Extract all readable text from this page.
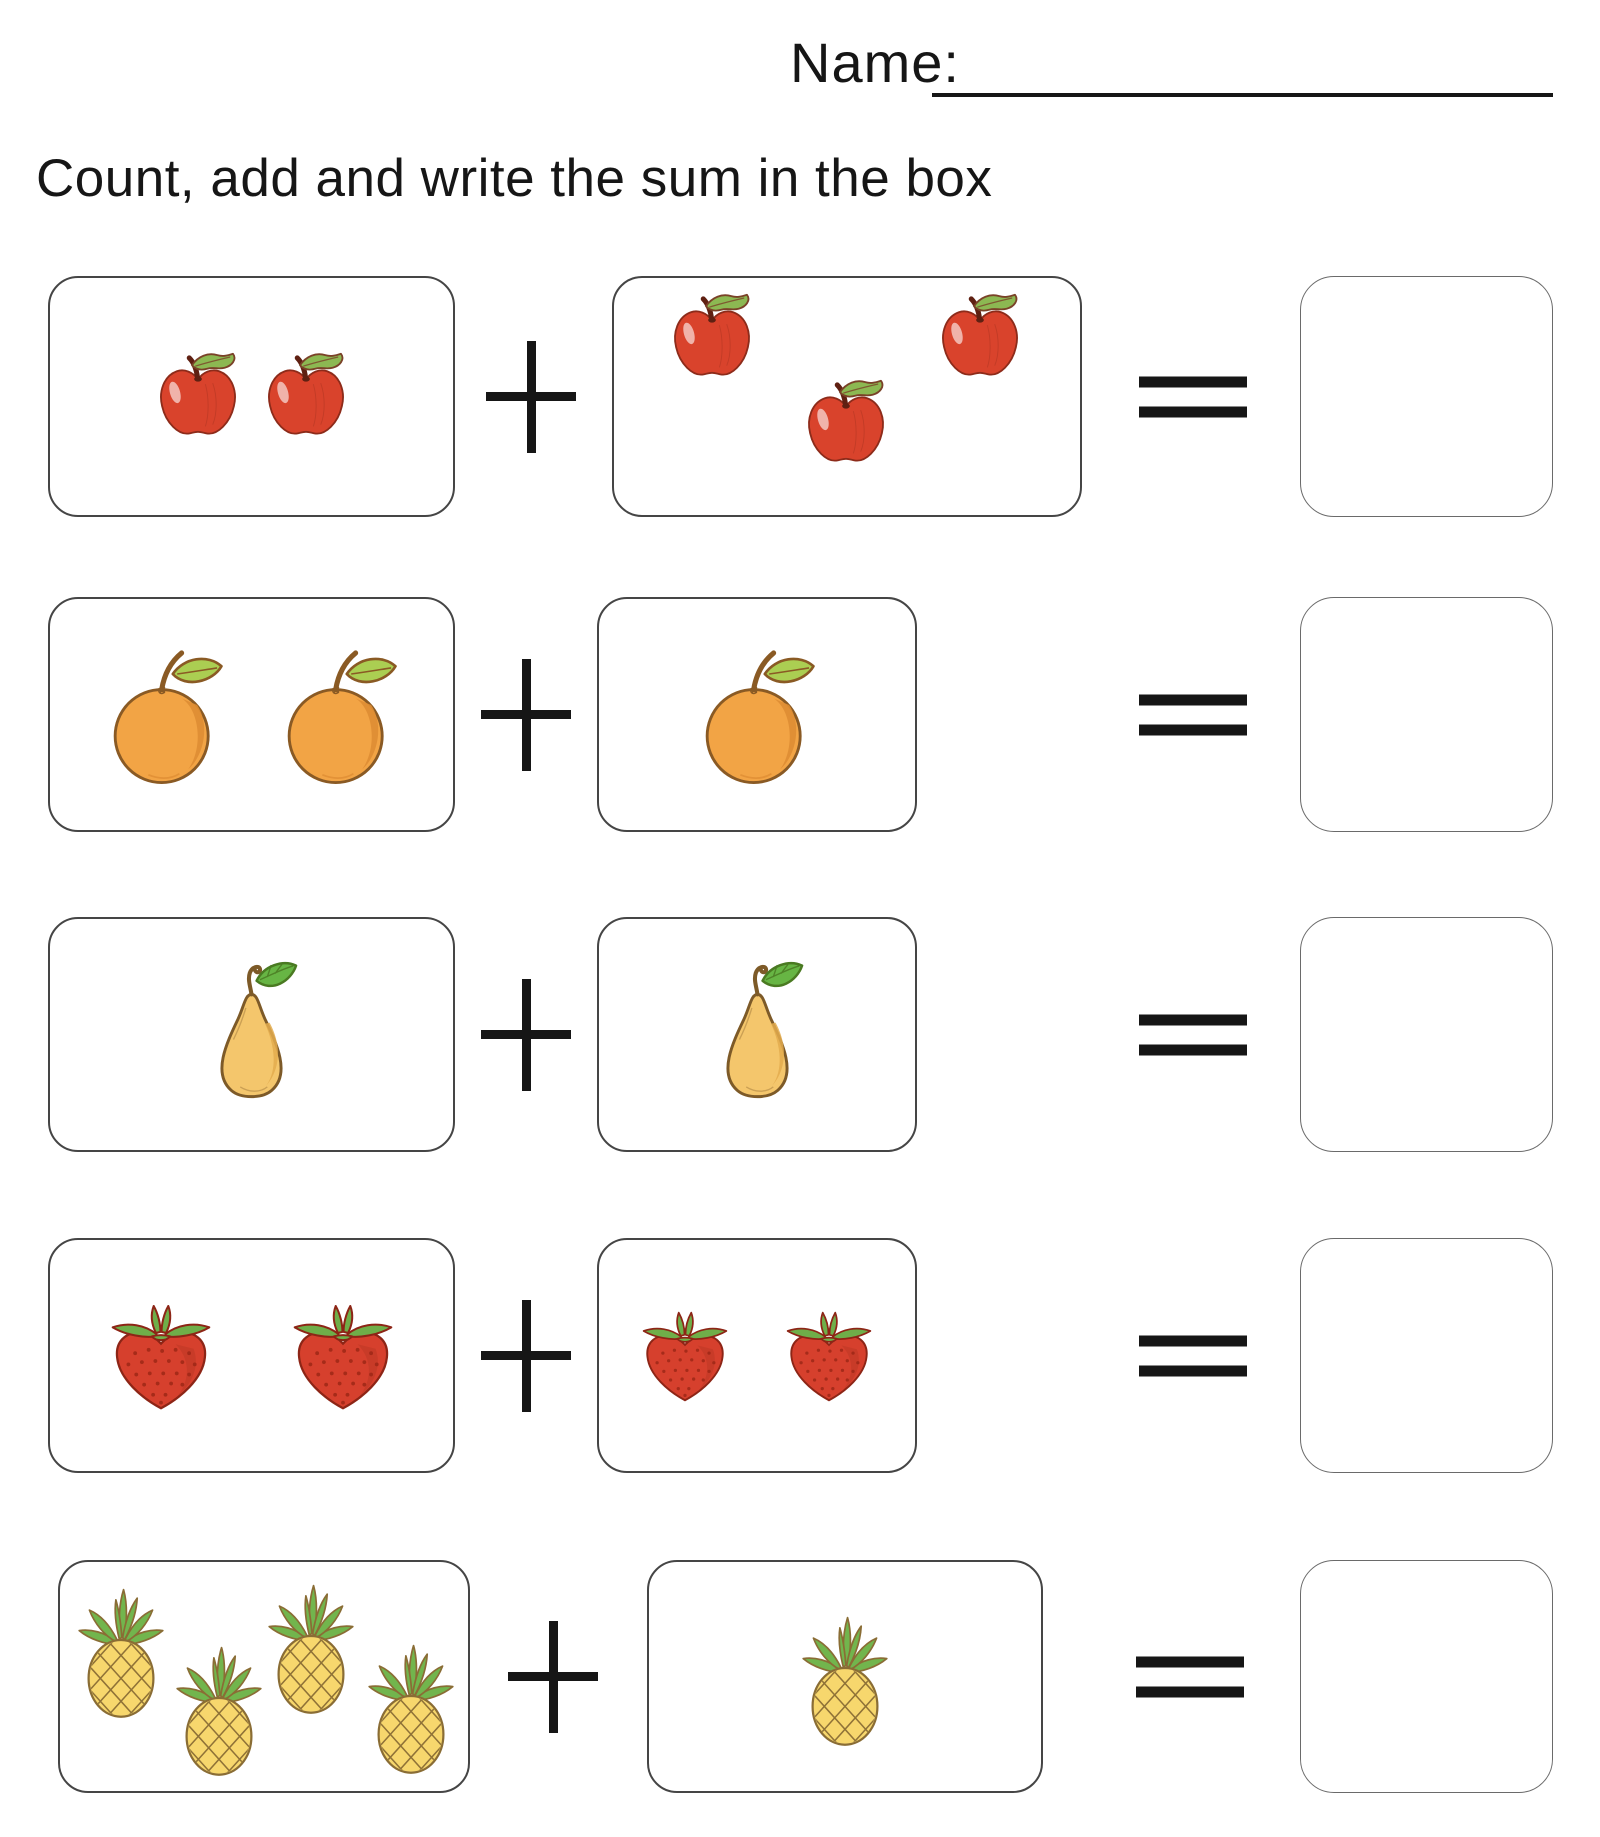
Name:
Count, add and write the sum in the box
